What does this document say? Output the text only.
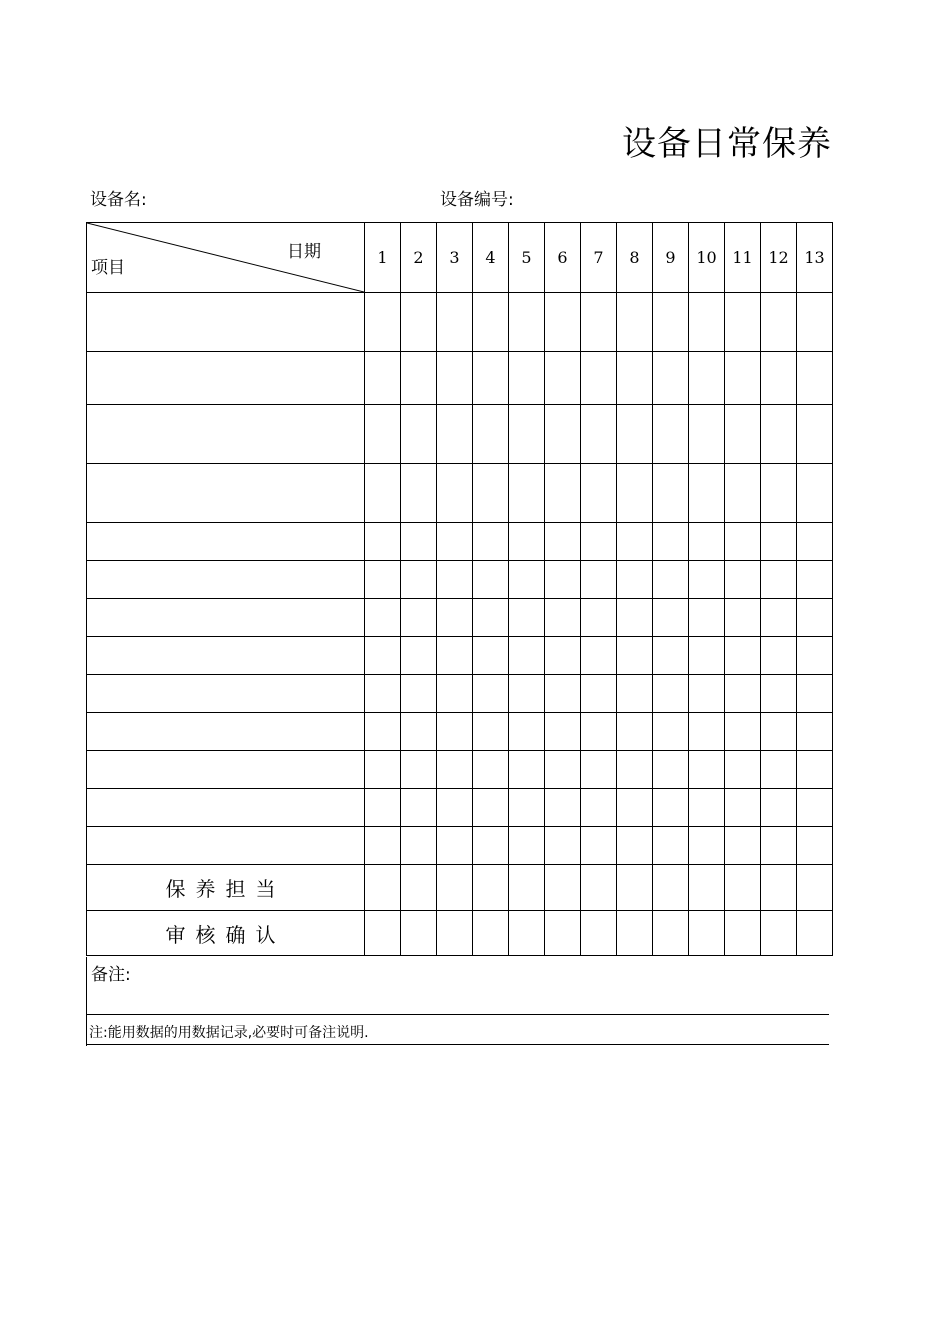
设备日常保养
设备名:	设备编号:
日期
项目	1	2	3	4	5	6	7	8	9	10	11	12	13

保养担当													
审核确认													
备注:
注:能用数据的用数据记录,必要时可备注说明.
